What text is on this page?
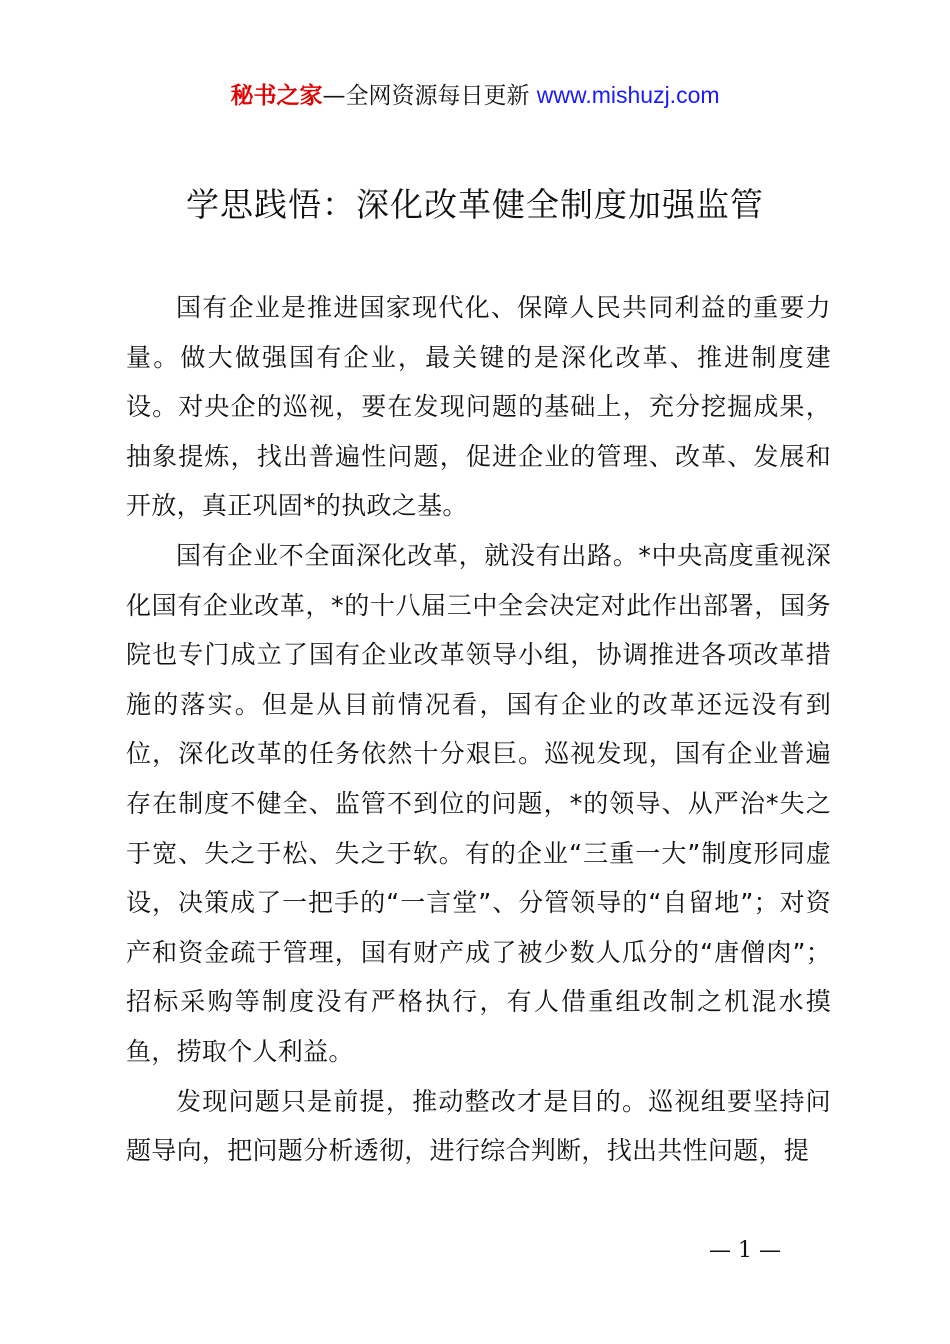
秘书之家—全网资源每日更新 www.mishuzj.com
学思践悟：深化改革健全制度加强监管

国有企业是推进国家现代化、保障人民共同利益的重要力量。做大做强国有企业，最关键的是深化改革、推进制度建设。对央企的巡视，要在发现问题的基础上，充分挖掘成果，抽象提炼，找出普遍性问题，促进企业的管理、改革、发展和开放，真正巩固*的执政之基。

国有企业不全面深化改革，就没有出路。*中央高度重视深化国有企业改革，*的十八届三中全会决定对此作出部署，国务院也专门成立了国有企业改革领导小组，协调推进各项改革措施的落实。但是从目前情况看，国有企业的改革还远没有到位，深化改革的任务依然十分艰巨。巡视发现，国有企业普遍存在制度不健全、监管不到位的问题，*的领导、从严治*失之于宽、失之于松、失之于软。有的企业“三重一大”制度形同虚设，决策成了一把手的“一言堂”、分管领导的“自留地”；对资产和资金疏于管理，国有财产成了被少数人瓜分的“唐僧肉”；招标采购等制度没有严格执行，有人借重组改制之机混水摸鱼，捞取个人利益。

发现问题只是前提，推动整改才是目的。巡视组要坚持问题导向，把问题分析透彻，进行综合判断，找出共性问题，提

— 1 —
